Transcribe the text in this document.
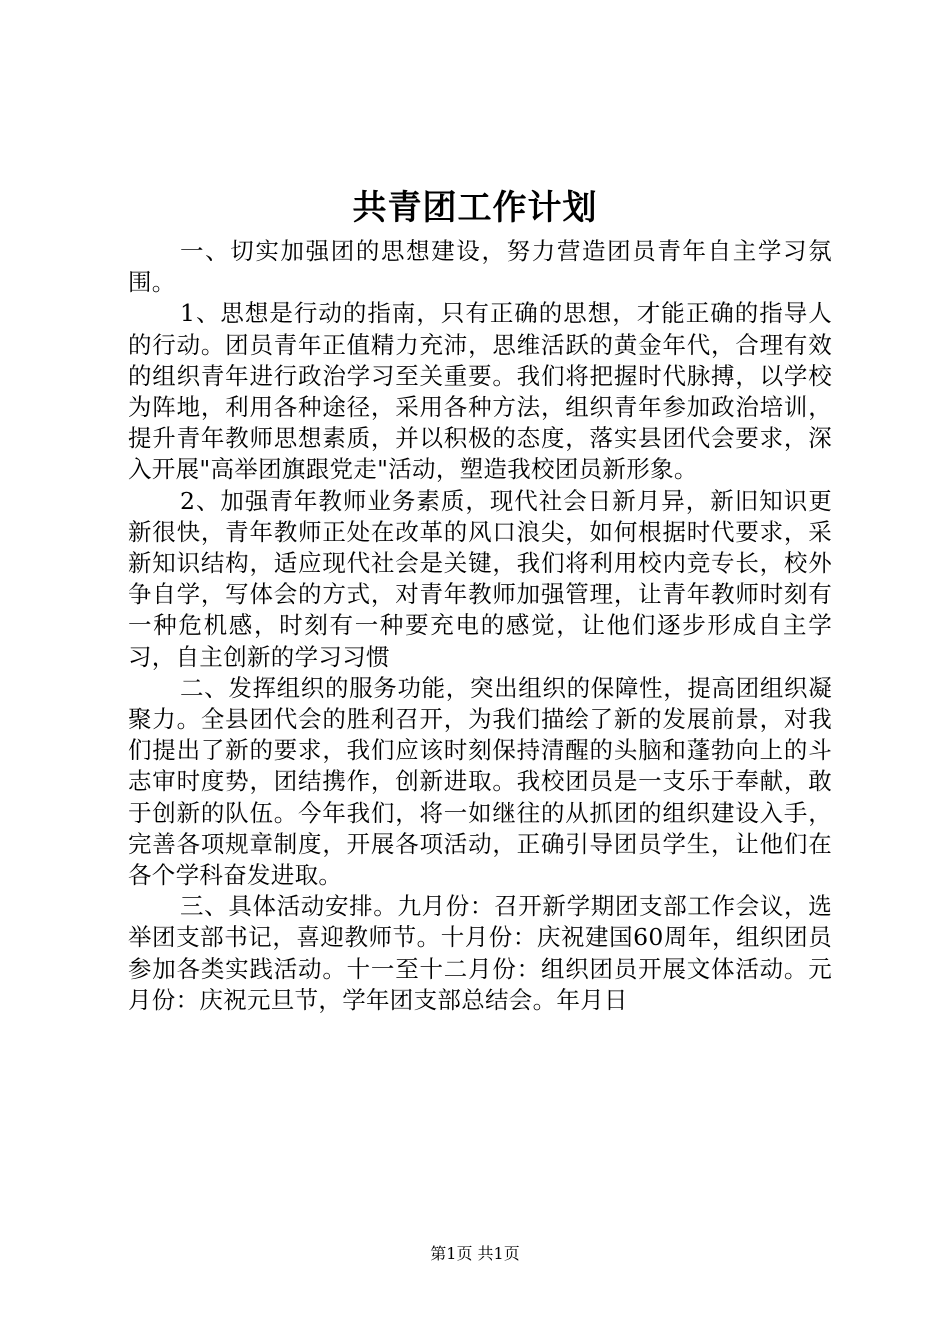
共青团工作计划

一、切实加强团的思想建设，努力营造团员青年自主学习氛围。

1、思想是行动的指南，只有正确的思想，才能正确的指导人的行动。团员青年正值精力充沛，思维活跃的黄金年代，合理有效的组织青年进行政治学习至关重要。我们将把握时代脉搏，以学校为阵地，利用各种途径，采用各种方法，组织青年参加政治培训，提升青年教师思想素质，并以积极的态度，落实县团代会要求，深入开展"高举团旗跟党走"活动，塑造我校团员新形象。

2、加强青年教师业务素质，现代社会日新月异，新旧知识更新很快，青年教师正处在改革的风口浪尖，如何根据时代要求，采新知识结构，适应现代社会是关键，我们将利用校内竞专长，校外争自学，写体会的方式，对青年教师加强管理，让青年教师时刻有一种危机感，时刻有一种要充电的感觉，让他们逐步形成自主学习，自主创新的学习习惯

二、发挥组织的服务功能，突出组织的保障性，提高团组织凝聚力。全县团代会的胜利召开，为我们描绘了新的发展前景，对我们提出了新的要求，我们应该时刻保持清醒的头脑和蓬勃向上的斗志审时度势，团结携作，创新进取。我校团员是一支乐于奉献，敢于创新的队伍。今年我们，将一如继往的从抓团的组织建设入手，完善各项规章制度，开展各项活动，正确引导团员学生，让他们在各个学科奋发进取。

三、具体活动安排。九月份：召开新学期团支部工作会议，选举团支部书记，喜迎教师节。十月份：庆祝建国60周年，组织团员参加各类实践活动。十一至十二月份：组织团员开展文体活动。元月份：庆祝元旦节，学年团支部总结会。年月日

第1页 共1页
